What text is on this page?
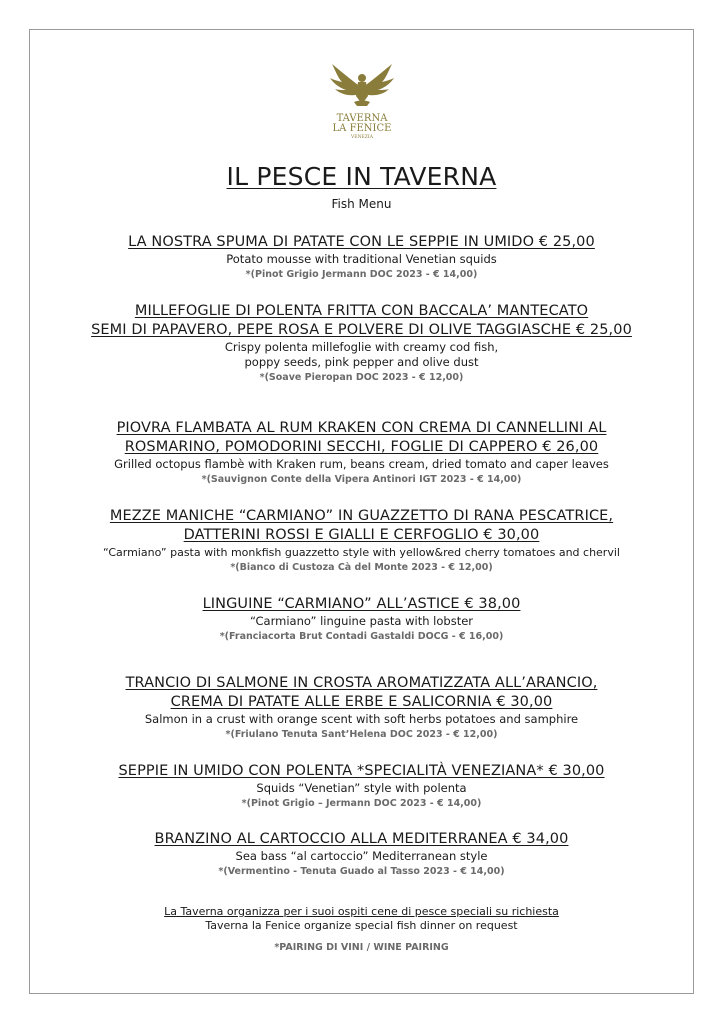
TAVERNA
LA FENICE
VENEZIA
IL PESCE IN TAVERNA
Fish Menu
LA NOSTRA SPUMA DI PATATE CON LE SEPPIE IN UMIDO € 25,00
Potato mousse with traditional Venetian squids
*(Pinot Grigio Jermann DOC 2023 - € 14,00)
MILLEFOGLIE DI POLENTA FRITTA CON BACCALA’ MANTECATO
SEMI DI PAPAVERO, PEPE ROSA E POLVERE DI OLIVE TAGGIASCHE € 25,00
Crispy polenta millefoglie with creamy cod fish,
poppy seeds, pink pepper and olive dust
*(Soave Pieropan DOC 2023 - € 12,00)
PIOVRA FLAMBATA AL RUM KRAKEN CON CREMA DI CANNELLINI AL
ROSMARINO, POMODORINI SECCHI, FOGLIE DI CAPPERO € 26,00
Grilled octopus flambè with Kraken rum, beans cream, dried tomato and caper leaves
*(Sauvignon Conte della Vipera Antinori IGT 2023 - € 14,00)
MEZZE MANICHE “CARMIANO” IN GUAZZETTO DI RANA PESCATRICE,
DATTERINI ROSSI E GIALLI E CERFOGLIO € 30,00
“Carmiano” pasta with monkfish guazzetto style with yellow&red cherry tomatoes and chervil
*(Bianco di Custoza Cà del Monte 2023 - € 12,00)
LINGUINE “CARMIANO” ALL’ASTICE € 38,00
“Carmiano” linguine pasta with lobster
*(Franciacorta Brut Contadi Gastaldi DOCG - € 16,00)
TRANCIO DI SALMONE IN CROSTA AROMATIZZATA ALL’ARANCIO,
CREMA DI PATATE ALLE ERBE E SALICORNIA € 30,00
Salmon in a crust with orange scent with soft herbs potatoes and samphire
*(Friulano Tenuta Sant’Helena DOC 2023 - € 12,00)
SEPPIE IN UMIDO CON POLENTA *SPECIALITÀ VENEZIANA* € 30,00
Squids “Venetian” style with polenta
*(Pinot Grigio – Jermann DOC 2023 - € 14,00)
BRANZINO AL CARTOCCIO ALLA MEDITERRANEA € 34,00
Sea bass “al cartoccio” Mediterranean style
*(Vermentino - Tenuta Guado al Tasso 2023 - € 14,00)
La Taverna organizza per i suoi ospiti cene di pesce speciali su richiesta
Taverna la Fenice organize special fish dinner on request
*PAIRING DI VINI / WINE PAIRING
